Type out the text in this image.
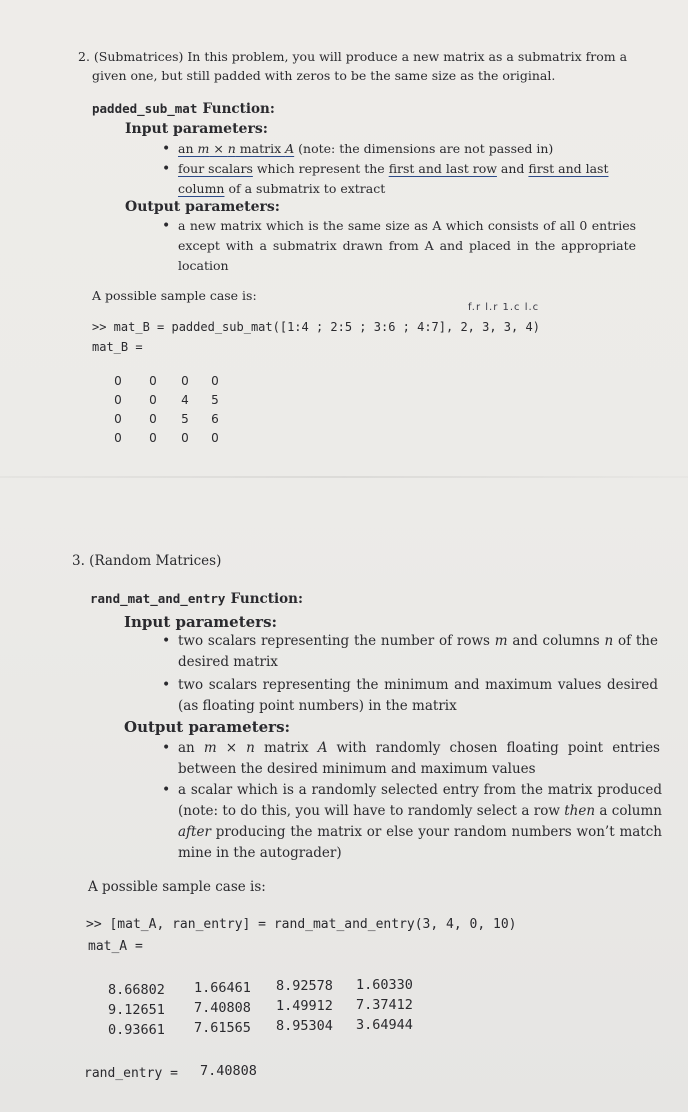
2. (Submatrices) In this problem, you will produce a new matrix as a submatrix from a
given one, but still padded with zeros to be the same size as the original.
padded_sub_mat Function:
Input parameters:
• an m × n matrix A (note: the dimensions are not passed in)
• four scalars which represent the first and last row and first and last column of a submatrix to extract
Output parameters:
• a new matrix which is the same size as A which consists of all 0 entries except with a submatrix drawn from A and placed in the appropriate location
A possible sample case is:
f.r l.r 1.c l.c
>> mat_B = padded_sub_mat([1:4 ; 2:5 ; 3:6 ; 4:7], 2, 3, 3, 4)
mat_B =
0	0	0	0
0	0	4	5
0	0	5	6
0	0	0	0
3. (Random Matrices)
rand_mat_and_entry Function:
Input parameters:
• two scalars representing the number of rows m and columns n of the desired matrix
• two scalars representing the minimum and maximum values desired (as floating point numbers) in the matrix
Output parameters:
• an m × n matrix A with randomly chosen floating point entries between the desired minimum and maximum values
• a scalar which is a randomly selected entry from the matrix produced (note: to do this, you will have to randomly select a row then a column after producing the matrix or else your random numbers won’t match mine in the autograder)
A possible sample case is:
>> [mat_A, ran_entry] = rand_mat_and_entry(3, 4, 0, 10)
mat_A =
8.66802 1.66461 8.92578 1.60330
9.12651 7.40808 1.49912 7.37412
0.93661 7.61565 8.95304 3.64944
rand_entry = 7.40808
